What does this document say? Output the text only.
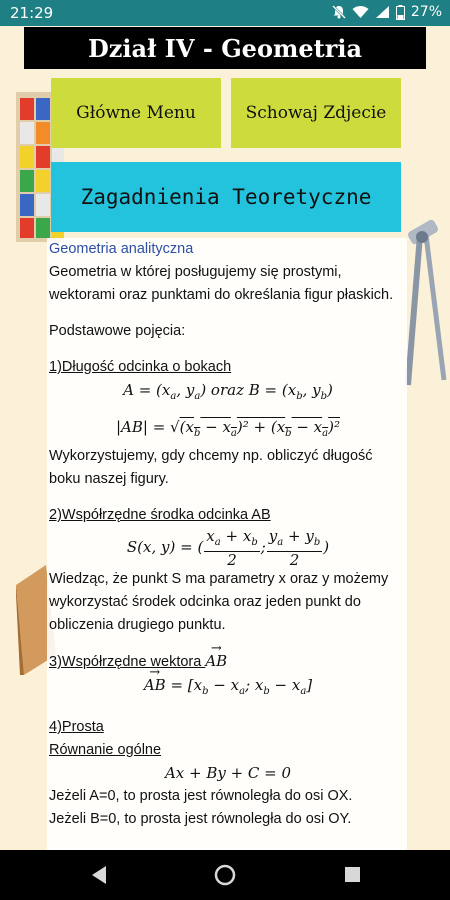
21:29	27%
Dział IV - Geometria
Główne Menu	Schowaj Zdjecie
Zagadnienia Teoretyczne

Geometria analityczna

Geometria w której posługujemy się prostymi, wektorami oraz punktami do określania figur płaskich.

Podstawowe pojęcia:

1)Długość odcinka o bokach

$A = (x_a$, $y_a$) oraz $B = (x_b$, $y_b$)

$|AB| = √(x_b - x_a)^2 + (x_b - x_a)^2$

Wykorzystujemy, gdy chcemy np. obliczyć długość boku naszej figury.

2)Współrzędne środka odcinka AB

S(x, y) = ( $\frac{x_a + x_b}{2}$ ; $\frac{y_a + y_b}{2}$ )

Wiedząc, że punkt S ma parametry x oraz y możemy wykorzystać środek odcinka oraz jeden punkt do obliczenia drugiego punktu.

3)Współrzędne wektora → AB

→ AB = [$x_b - x_a$; $x_b - x_a$]

4)Prosta

Równanie ogólne

Ax + By + C = 0

Jeżeli A=0, to prosta jest równoległa do osi OX.

Jeżeli B=0, to prosta jest równoległa do osi OY.
